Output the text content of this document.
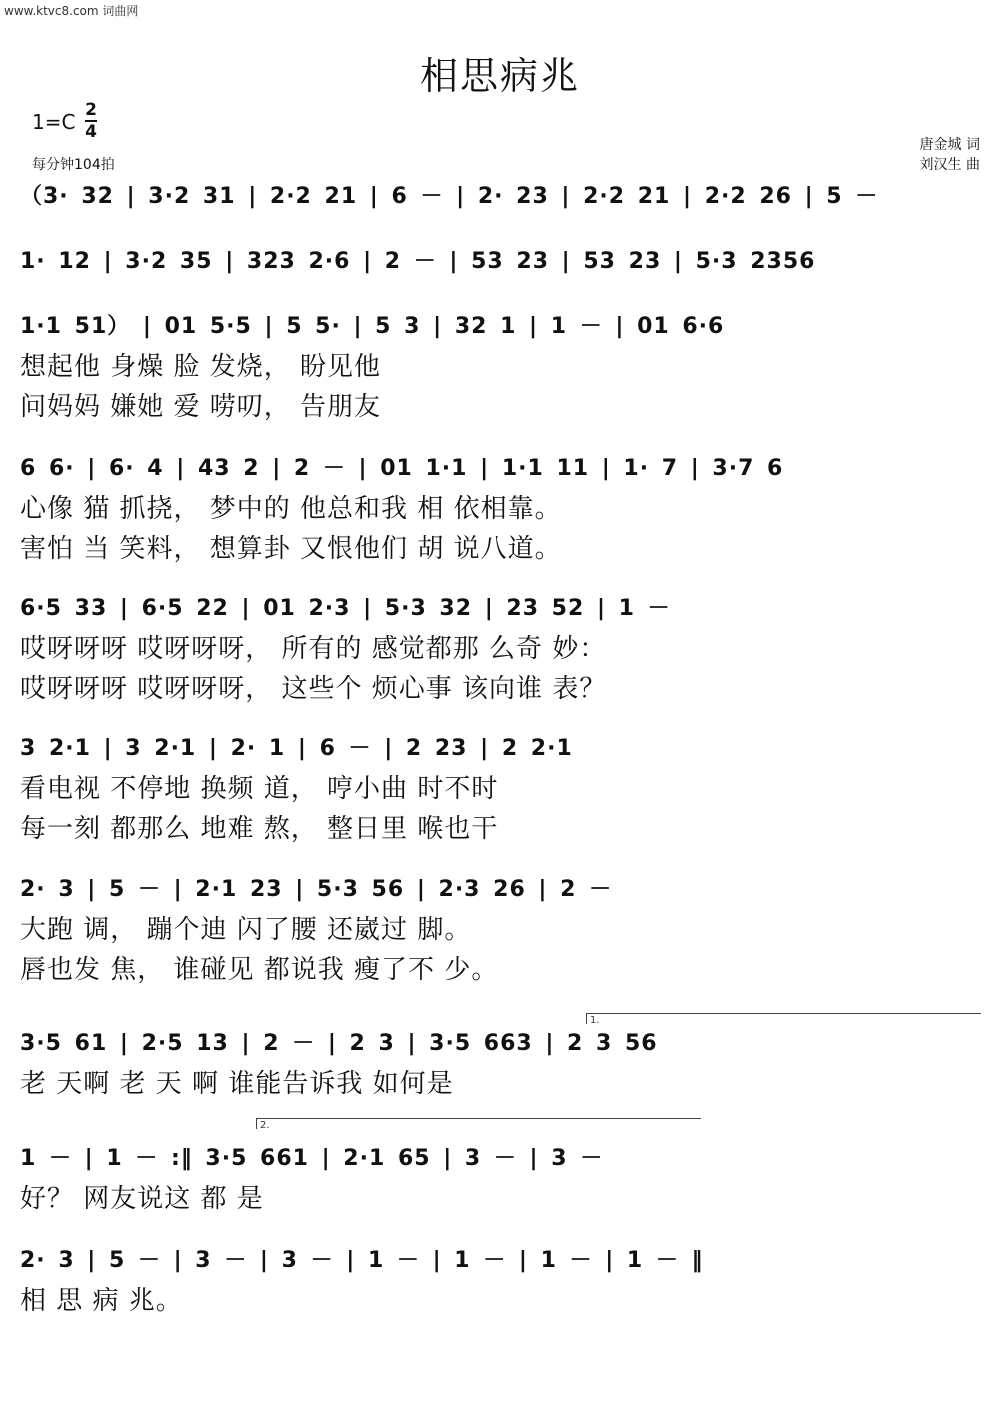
www.ktvc8.com 词曲网
相思病兆
1=C 2
4
每分钟104拍
唐金城 词
刘汉生 曲
（3· 32 | 3·2 31 | 2·2 21 | 6 － | 2· 23 | 2·2 21 | 2·2 26 | 5 －
1· 12 | 3·2 35 | 323 2·6 | 2 － | 53 23 | 53 23 | 5·3 2356
1·1 51） | 01 5·5 | 5 5· | 5 3 | 32 1 | 1 － | 01 6·6
想起他 身燥 脸 发烧， 盼见他
问妈妈 嫌她 爱 唠叨， 告朋友
6 6· | 6· 4 | 43 2 | 2 － | 01 1·1 | 1·1 11 | 1· 7 | 3·7 6
心像 猫 抓挠， 梦中的 他总和我 相 依相靠。
害怕 当 笑料， 想算卦 又恨他们 胡 说八道。
6·5 33 | 6·5 22 | 01 2·3 | 5·3 32 | 23 52 | 1 －
哎呀呀呀 哎呀呀呀， 所有的 感觉都那 么奇 妙：
哎呀呀呀 哎呀呀呀， 这些个 烦心事 该向谁 表？
3 2·1 | 3 2·1 | 2· 1 | 6 － | 2 23 | 2 2·1
看电视 不停地 换频 道， 哼小曲 时不时
每一刻 都那么 地难 熬， 整日里 喉也干
2· 3 | 5 － | 2·1 23 | 5·3 56 | 2·3 26 | 2 －
大跑 调， 蹦个迪 闪了腰 还崴过 脚。
唇也发 焦， 谁碰见 都说我 瘦了不 少。
1.
3·5 61 | 2·5 13 | 2 － | 2 3 | 3·5 663 | 2 3 56
老 天啊 老 天 啊 谁能告诉我 如何是
2.
1 － | 1 － :‖ 3·5 661 | 2·1 65 | 3 － | 3 －
好？ 网友说这 都 是
2· 3 | 5 － | 3 － | 3 － | 1 － | 1 － | 1 － | 1 － ‖
相 思 病 兆。
